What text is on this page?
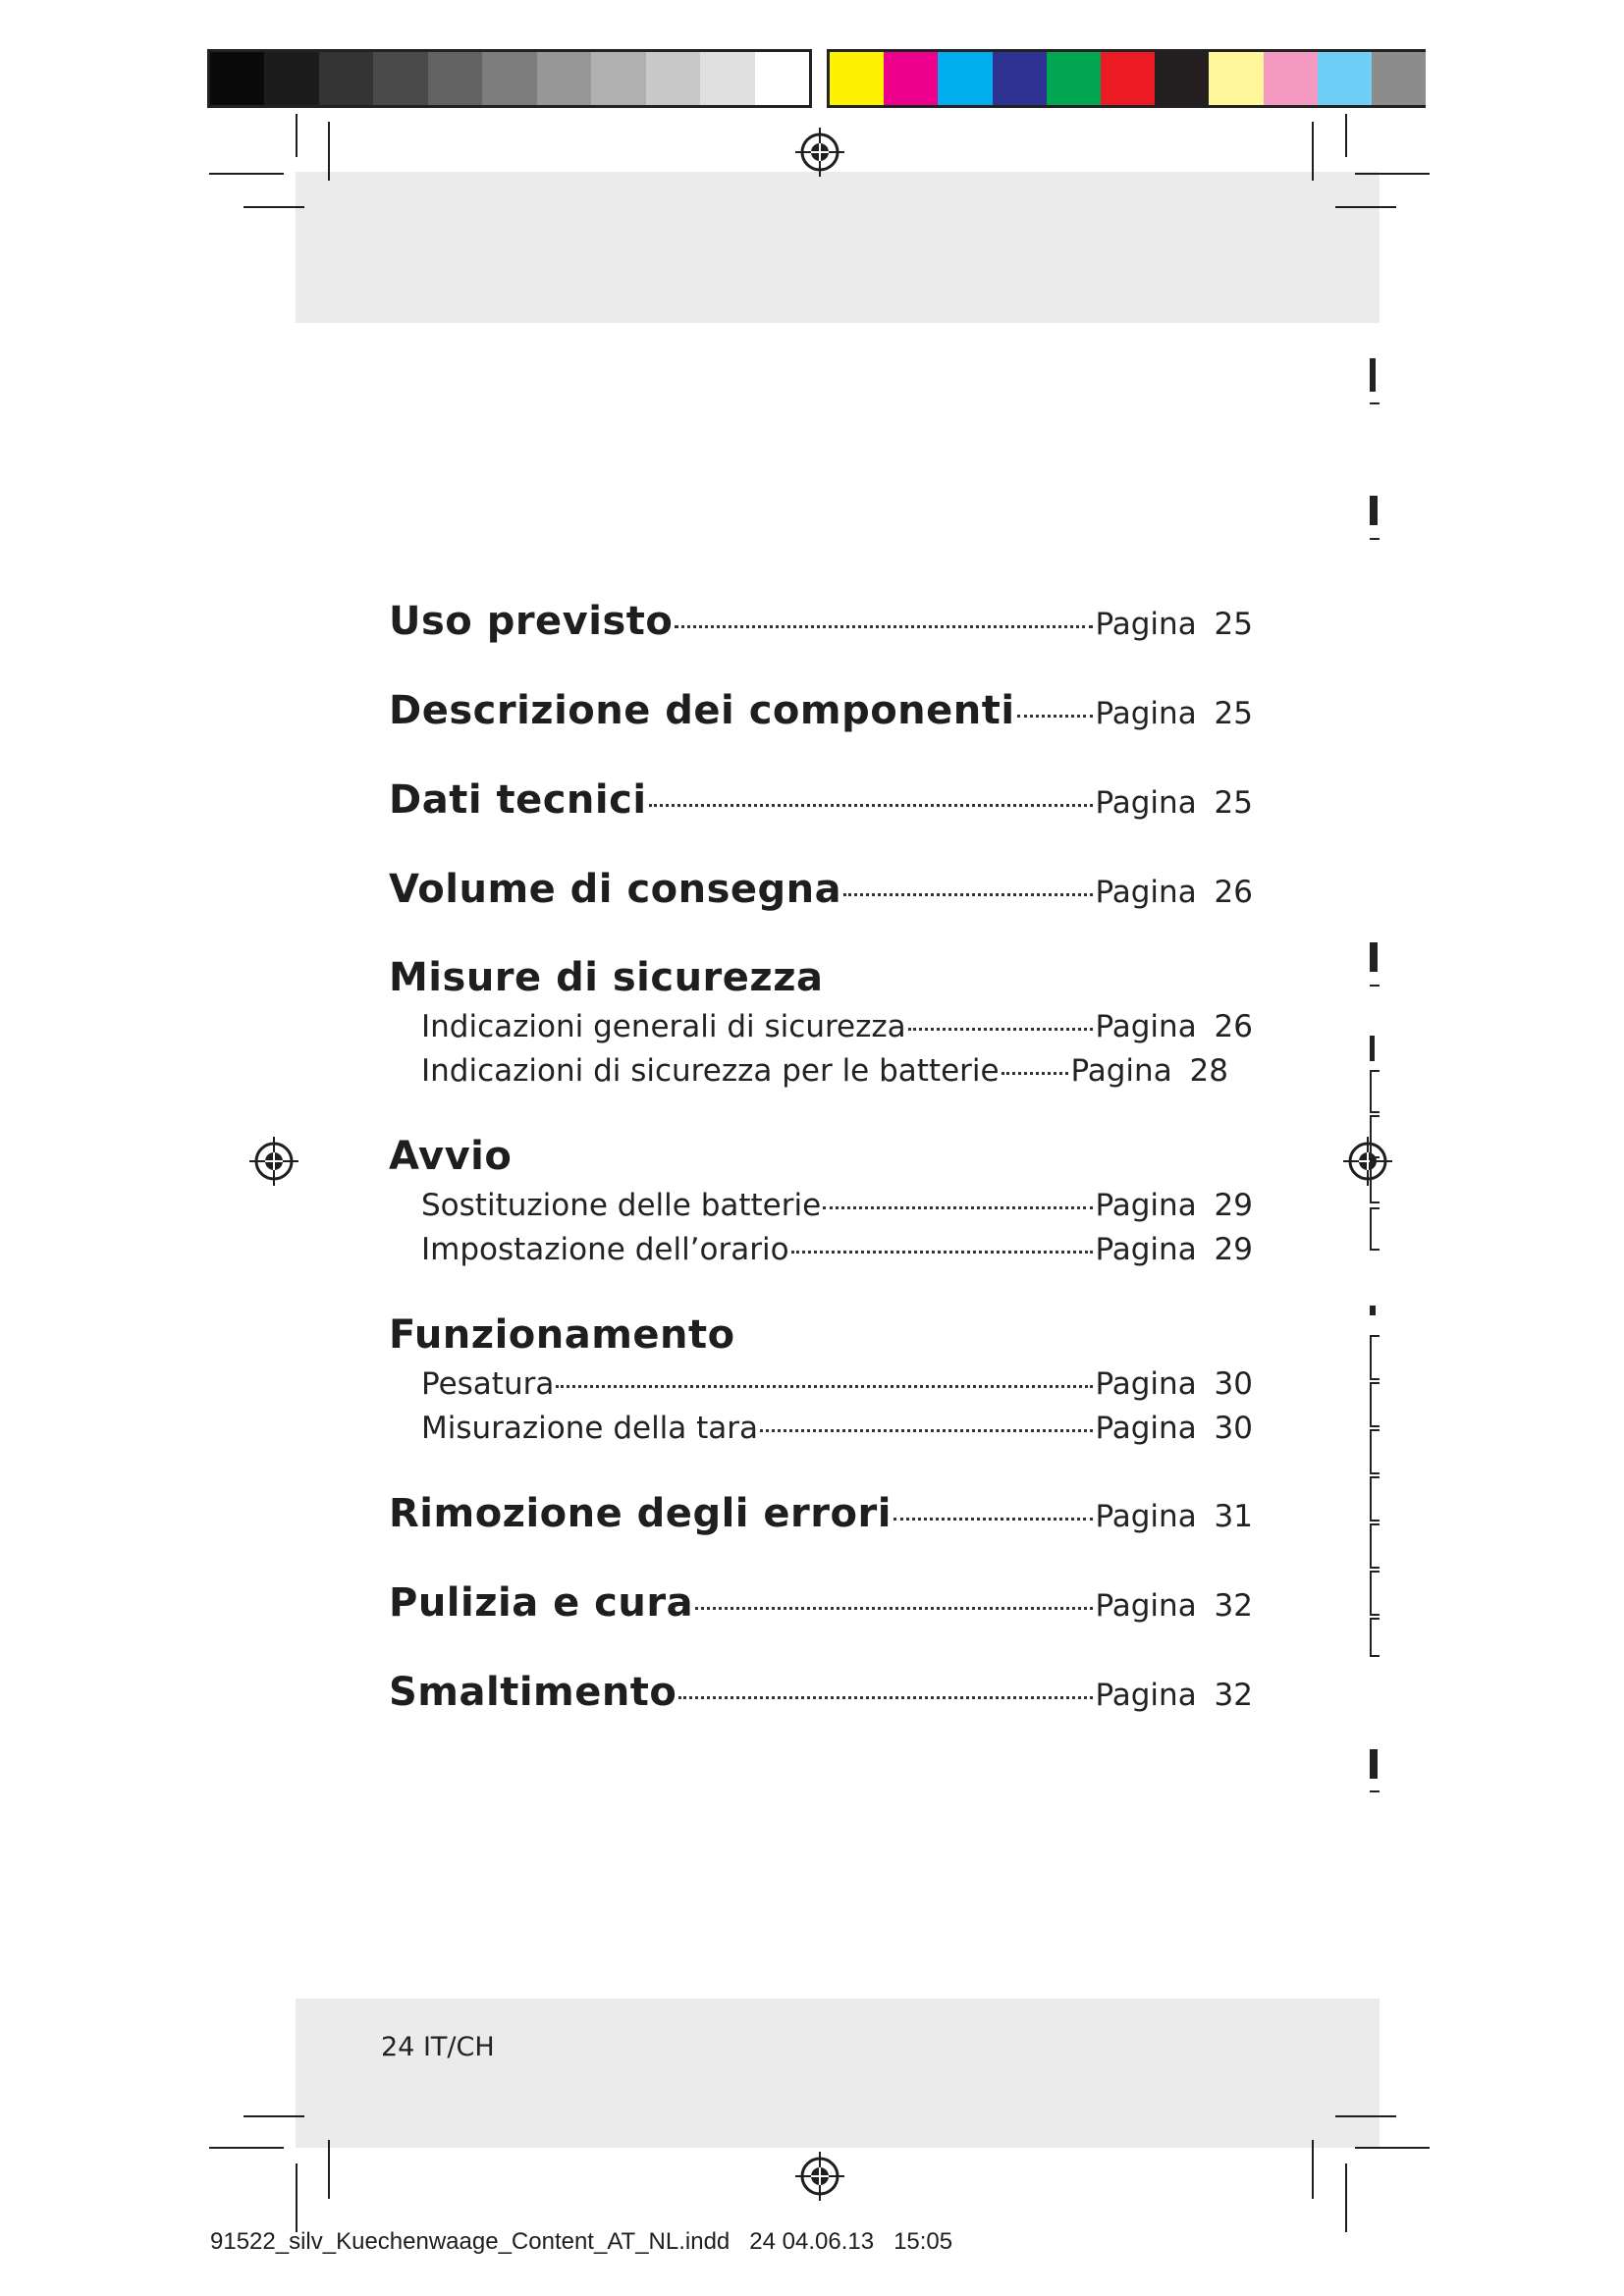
Uso previsto	Pagina 25
Descrizione dei componenti	Pagina 25
Dati tecnici	Pagina 25
Volume di consegna	Pagina 26
Misure di sicurezza
Indicazioni generali di sicurezza	Pagina 26
Indicazioni di sicurezza per le batterie Pagina 28
Avvio
Sostituzione delle batterie	Pagina 29
Impostazione dell’orario	Pagina 29
Funzionamento
Pesatura	Pagina 30
Misurazione della tara	Pagina 30
Rimozione degli errori	Pagina 31
Pulizia e cura	Pagina 32
Smaltimento	Pagina 32
24 IT/CH
91522_silv_Kuechenwaage_Content_AT_NL.indd   24 04.06.13   15:05
